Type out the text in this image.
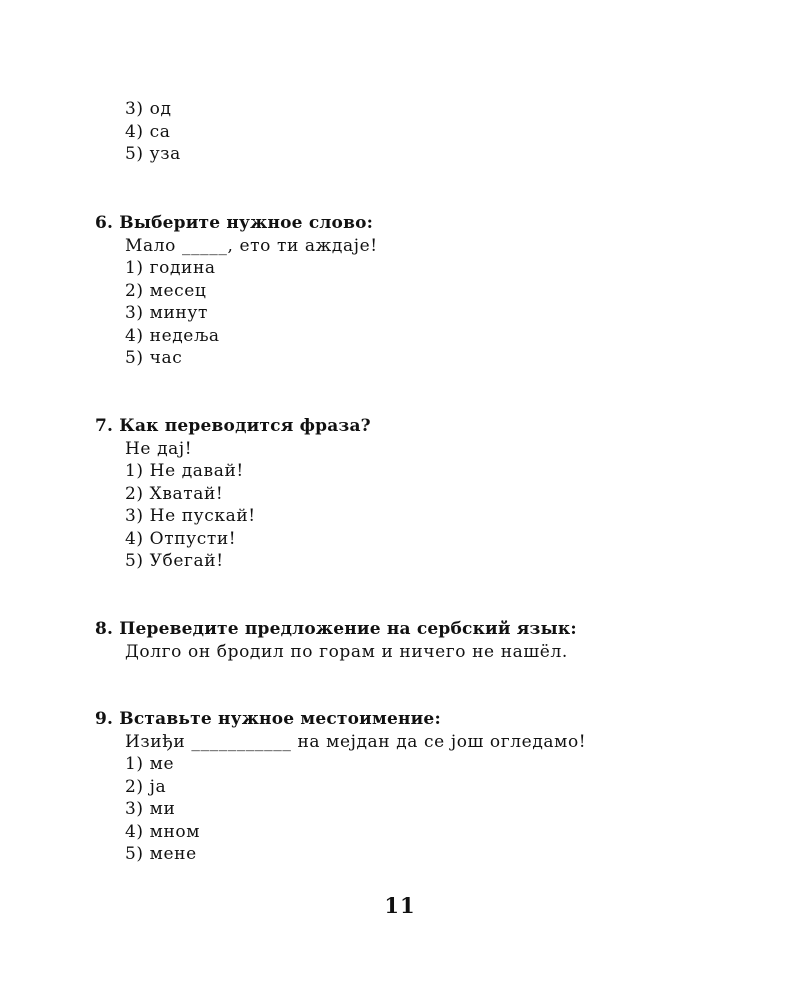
3) од
4) са
5) уза
6. Выберите нужное слово:
Мало _____, ето ти аждаје!
1) година
2) месец
3) минут
4) недеља
5) час
7. Как переводится фраза?
Не дај!
1) Не давай!
2) Хватай!
3) Не пускай!
4) Отпусти!
5) Убегай!
8. Переведите предложение на сербский язык:
Долго он бродил по горам и ничего не нашёл.
9. Вставьте нужное местоимение:
Изиђи ___________ на мејдан да се још огледамо!
1) ме
2) ја
3) ми
4) мном
5) мене
11
